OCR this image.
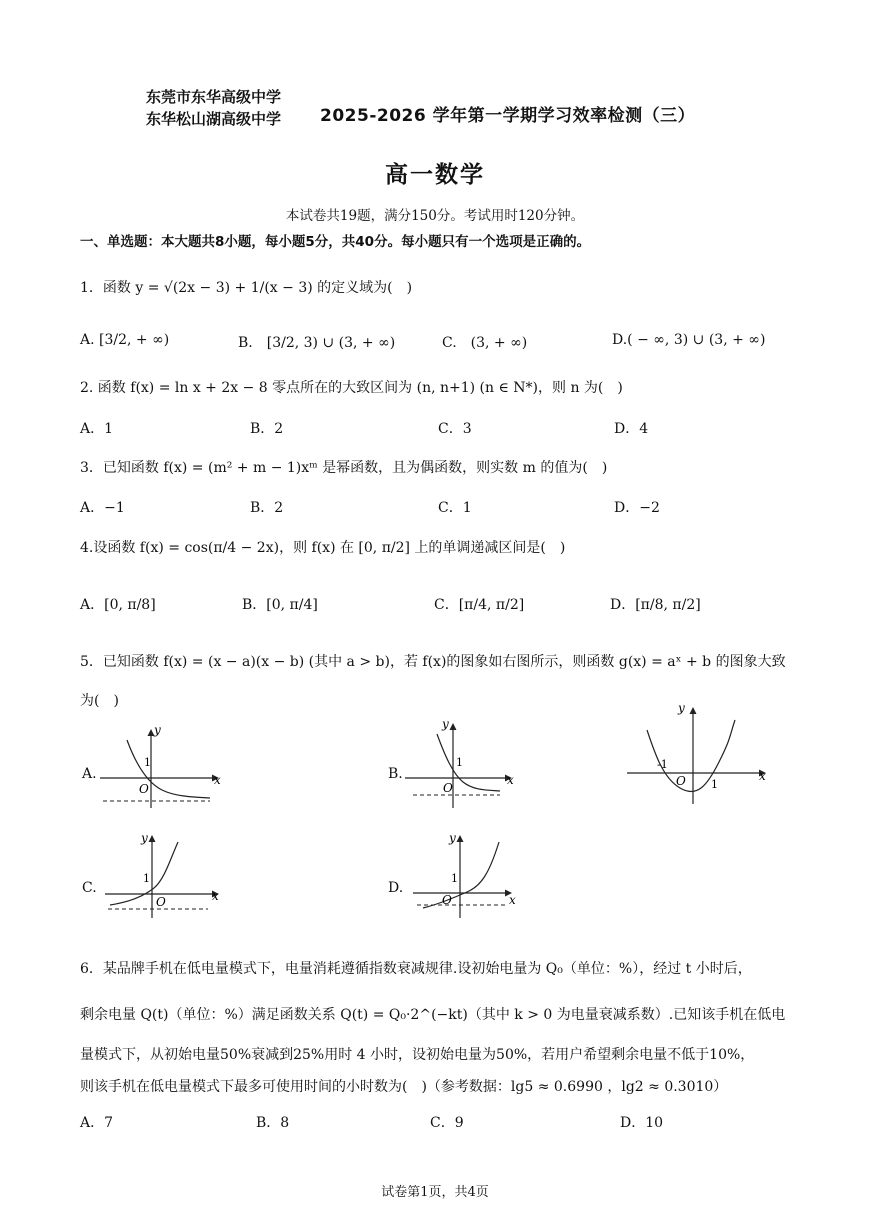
东莞市东华高级中学
东华松山湖高级中学 2025-2026 学年第一学期学习效率检测（三）
高一数学
本试卷共19题，满分150分。考试用时120分钟。
一、单选题：本大题共8小题，每小题5分，共40分。每小题只有一个选项是正确的。
1．函数 y = √(2x − 3) + 1/(x − 3) 的定义域为(　)
A. [3/2, + ∞)	B.　[3/2, 3) ∪ (3, + ∞)	C.　(3, + ∞)	D.( − ∞, 3) ∪ (3, + ∞)
2. 函数 f(x) = ln x + 2x − 8 零点所在的大致区间为 (n, n+1) (n ∈ N*)，则 n 为(　)
A．1	B．2	C．3	D．4
3．已知函数 f(x) = (m² + m − 1)xᵐ 是幂函数，且为偶函数，则实数 m 的值为(　)
A．−1	B．2	C．1	D．−2
4.设函数 f(x) = cos(π/4 − 2x)，则 f(x) 在 [0, π/2] 上的单调递减区间是(　)
A．[0, π/8]	B．[0, π/4]	C．[π/4, π/2]	D．[π/8, π/2]
5．已知函数 f(x) = (x − a)(x − b) (其中 a > b)，若 f(x)的图象如右图所示，则函数 g(x) = aˣ + b 的图象大致
为(　)
A.	B.
C.	D.
y
x
1
O
y
x
1
O
y
x
-1
1
O
y
x
1
O
y
x
1
O
6．某品牌手机在低电量模式下，电量消耗遵循指数衰减规律.设初始电量为 Q₀（单位：%），经过 t 小时后，
剩余电量 Q(t)（单位：%）满足函数关系 Q(t) = Q₀·2^(−kt)（其中 k > 0 为电量衰减系数）.已知该手机在低电
量模式下，从初始电量50%衰减到25%用时 4 小时，设初始电量为50%，若用户希望剩余电量不低于10%，
则该手机在低电量模式下最多可使用时间的小时数为(　)（参考数据：lg5 ≈ 0.6990 ，lg2 ≈ 0.3010）
A．7	B．8	C．9	D．10
试卷第1页，共4页
